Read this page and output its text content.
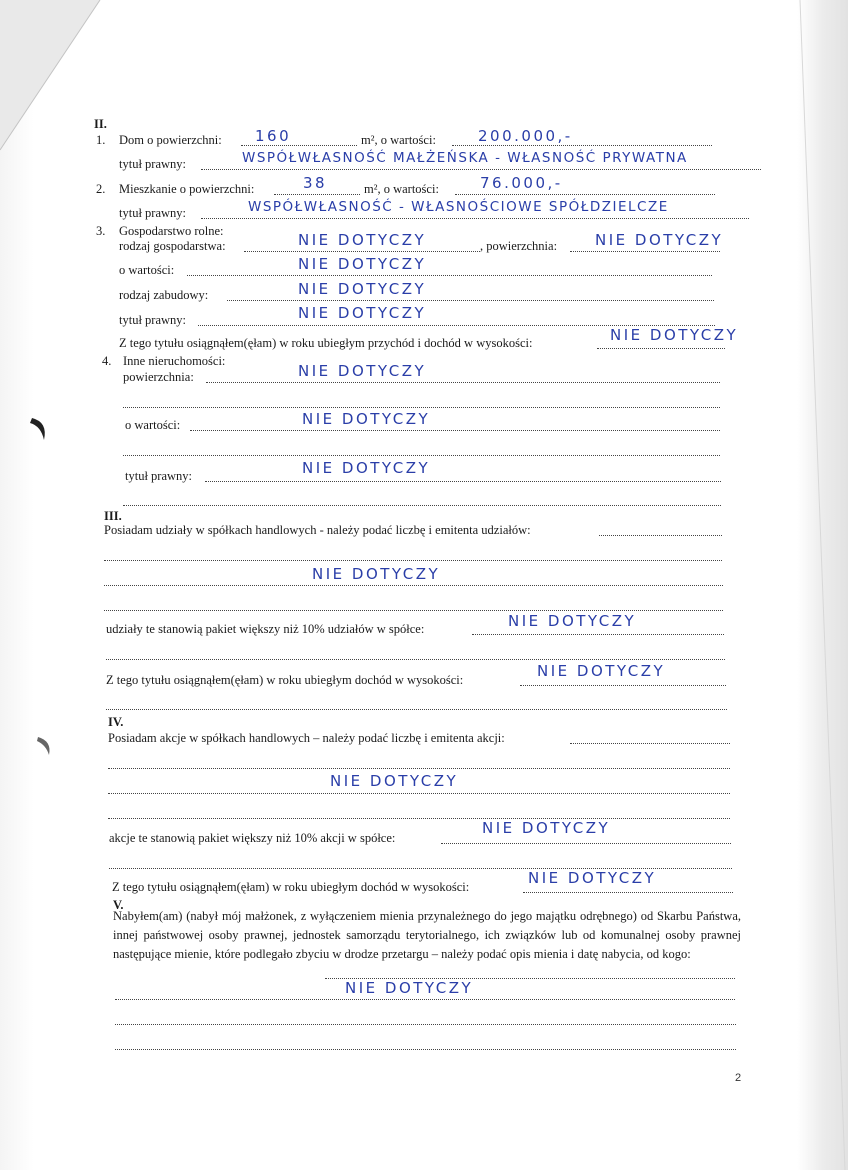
II.
1. Dom o powierzchni: 160	m², o wartości:	200.000,-
tytuł prawny:	WSPÓŁWŁASNOŚĆ MAŁŻEŃSKA - WŁASNOŚĆ PRYWATNA
2. Mieszkanie o powierzchni:	38	m², o wartości:	76.000,-
tytuł prawny:	WSPÓŁWŁASNOŚĆ - WŁASNOŚCIOWE SPÓŁDZIELCZE
3. Gospodarstwo rolne:
rodzaj gospodarstwa:	NIE DOTYCZY	, powierzchnia:	NIE DOTYCZY
o wartości:	NIE DOTYCZY
rodzaj zabudowy:	NIE DOTYCZY
tytuł prawny:	NIE DOTYCZY
Z tego tytułu osiągnąłem(ęłam) w roku ubiegłym przychód i dochód w wysokości:	NIE DOTYCZY
4. Inne nieruchomości:
powierzchnia:	NIE DOTYCZY
o wartości:	NIE DOTYCZY
tytuł prawny:	NIE DOTYCZY
III.
Posiadam udziały w spółkach handlowych - należy podać liczbę i emitenta udziałów:
NIE DOTYCZY
udziały te stanowią pakiet większy niż 10% udziałów w spółce:	NIE DOTYCZY
Z tego tytułu osiągnąłem(ęłam) w roku ubiegłym dochód w wysokości:	NIE DOTYCZY
IV.
Posiadam akcje w spółkach handlowych – należy podać liczbę i emitenta akcji:
NIE DOTYCZY
akcje te stanowią pakiet większy niż 10% akcji w spółce:
NIE DOTYCZY
Z tego tytułu osiągnąłem(ęłam) w roku ubiegłym dochód w wysokości:	NIE DOTYCZY
V.
Nabyłem(am) (nabył mój małżonek, z wyłączeniem mienia przynależnego do jego majątku odrębnego) od Skarbu Państwa, innej państwowej osoby prawnej, jednostek samorządu terytorialnego, ich związków lub od komunalnej osoby prawnej następujące mienie, które podlegało zbyciu w drodze przetargu – należy podać opis mienia i datę nabycia, od kogo:
NIE DOTYCZY
2
